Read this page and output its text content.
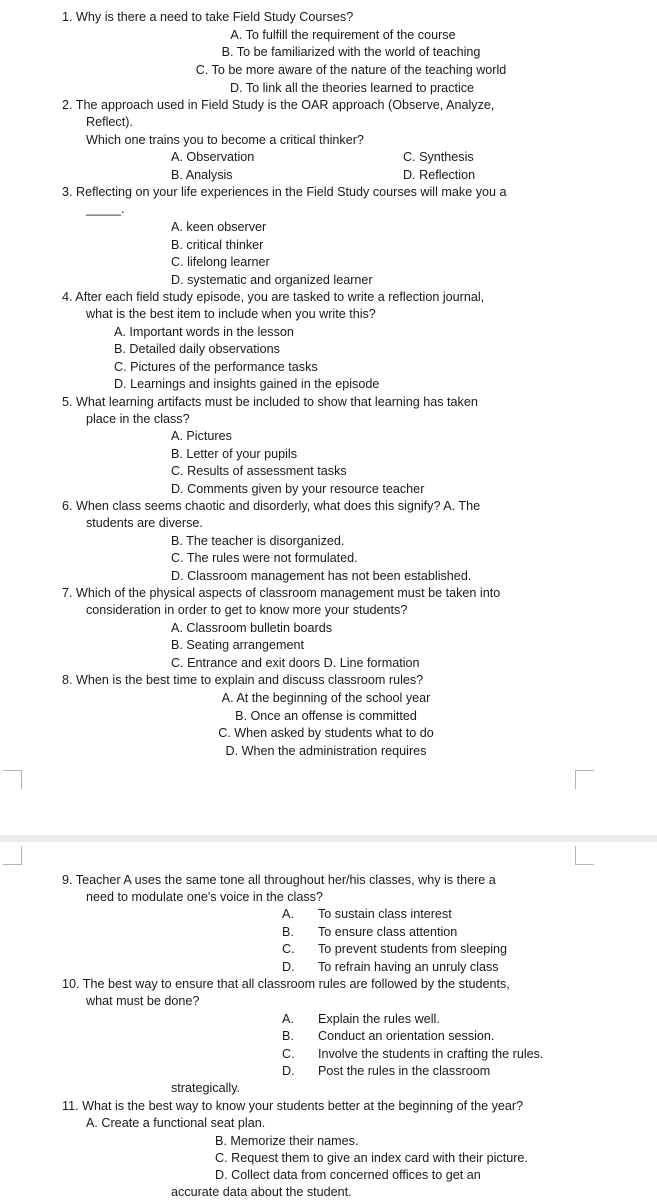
1. Why is there a need to take Field Study Courses?
A. To fulfill the requirement of the course
B. To be familiarized with the world of teaching
C. To be more aware of the nature of the teaching world
D. To link all the theories learned to practice
2. The approach used in Field Study is the OAR approach (Observe, Analyze,
Reflect).
Which one trains you to become a critical thinker?
A. Observation	C. Synthesis
B. Analysis	D. Reflection
3. Reflecting on your life experiences in the Field Study courses will make you a
_____.
A. keen observer
B. critical thinker
C. lifelong learner
D. systematic and organized learner
4. After each field study episode, you are tasked to write a reflection journal,
what is the best item to include when you write this?
A. Important words in the lesson
B. Detailed daily observations
C. Pictures of the performance tasks
D. Learnings and insights gained in the episode
5. What learning artifacts must be included to show that learning has taken
place in the class?
A. Pictures
B. Letter of your pupils
C. Results of assessment tasks
D. Comments given by your resource teacher
6. When class seems chaotic and disorderly, what does this signify? A. The
students are diverse.
B. The teacher is disorganized.
C. The rules were not formulated.
D. Classroom management has not been established.
7. Which of the physical aspects of classroom management must be taken into
consideration in order to get to know more your students?
A. Classroom bulletin boards
B. Seating arrangement
C. Entrance and exit doors D. Line formation
8. When is the best time to explain and discuss classroom rules?
A. At the beginning of the school year
B. Once an offense is committed
C. When asked by students what to do
D. When the administration requires
9. Teacher A uses the same tone all throughout her/his classes, why is there a
need to modulate one's voice in the class?
A. To sustain class interest
B. To ensure class attention
C. To prevent students from sleeping
D. To refrain having an unruly class
10. The best way to ensure that all classroom rules are followed by the students,
what must be done?
A. Explain the rules well.
B. Conduct an orientation session.
C. Involve the students in crafting the rules.
D. Post the rules in the classroom
strategically.
11. What is the best way to know your students better at the beginning of the year?
A. Create a functional seat plan.
B. Memorize their names.
C. Request them to give an index card with their picture.
D. Collect data from concerned offices to get an
accurate data about the student.
